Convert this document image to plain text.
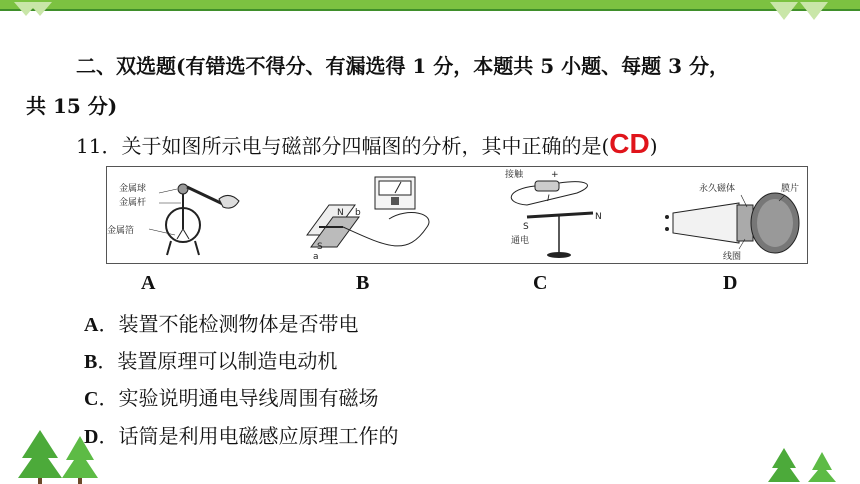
二、双选题(有错选不得分、有漏选得 1 分，本题共 5 小题、每题 3 分，
共 15 分)
11．关于如图所示电与磁部分四幅图的分析，其中正确的是(CD)
金属球
金属杆
金属箔
N b
S
a
接触	+
I
S
N
通电
永久磁体	膜片
线圈
A	B	C	D
A．装置不能检测物体是否带电
B．装置原理可以制造电动机
C．实验说明通电导线周围有磁场
D．话筒是利用电磁感应原理工作的
